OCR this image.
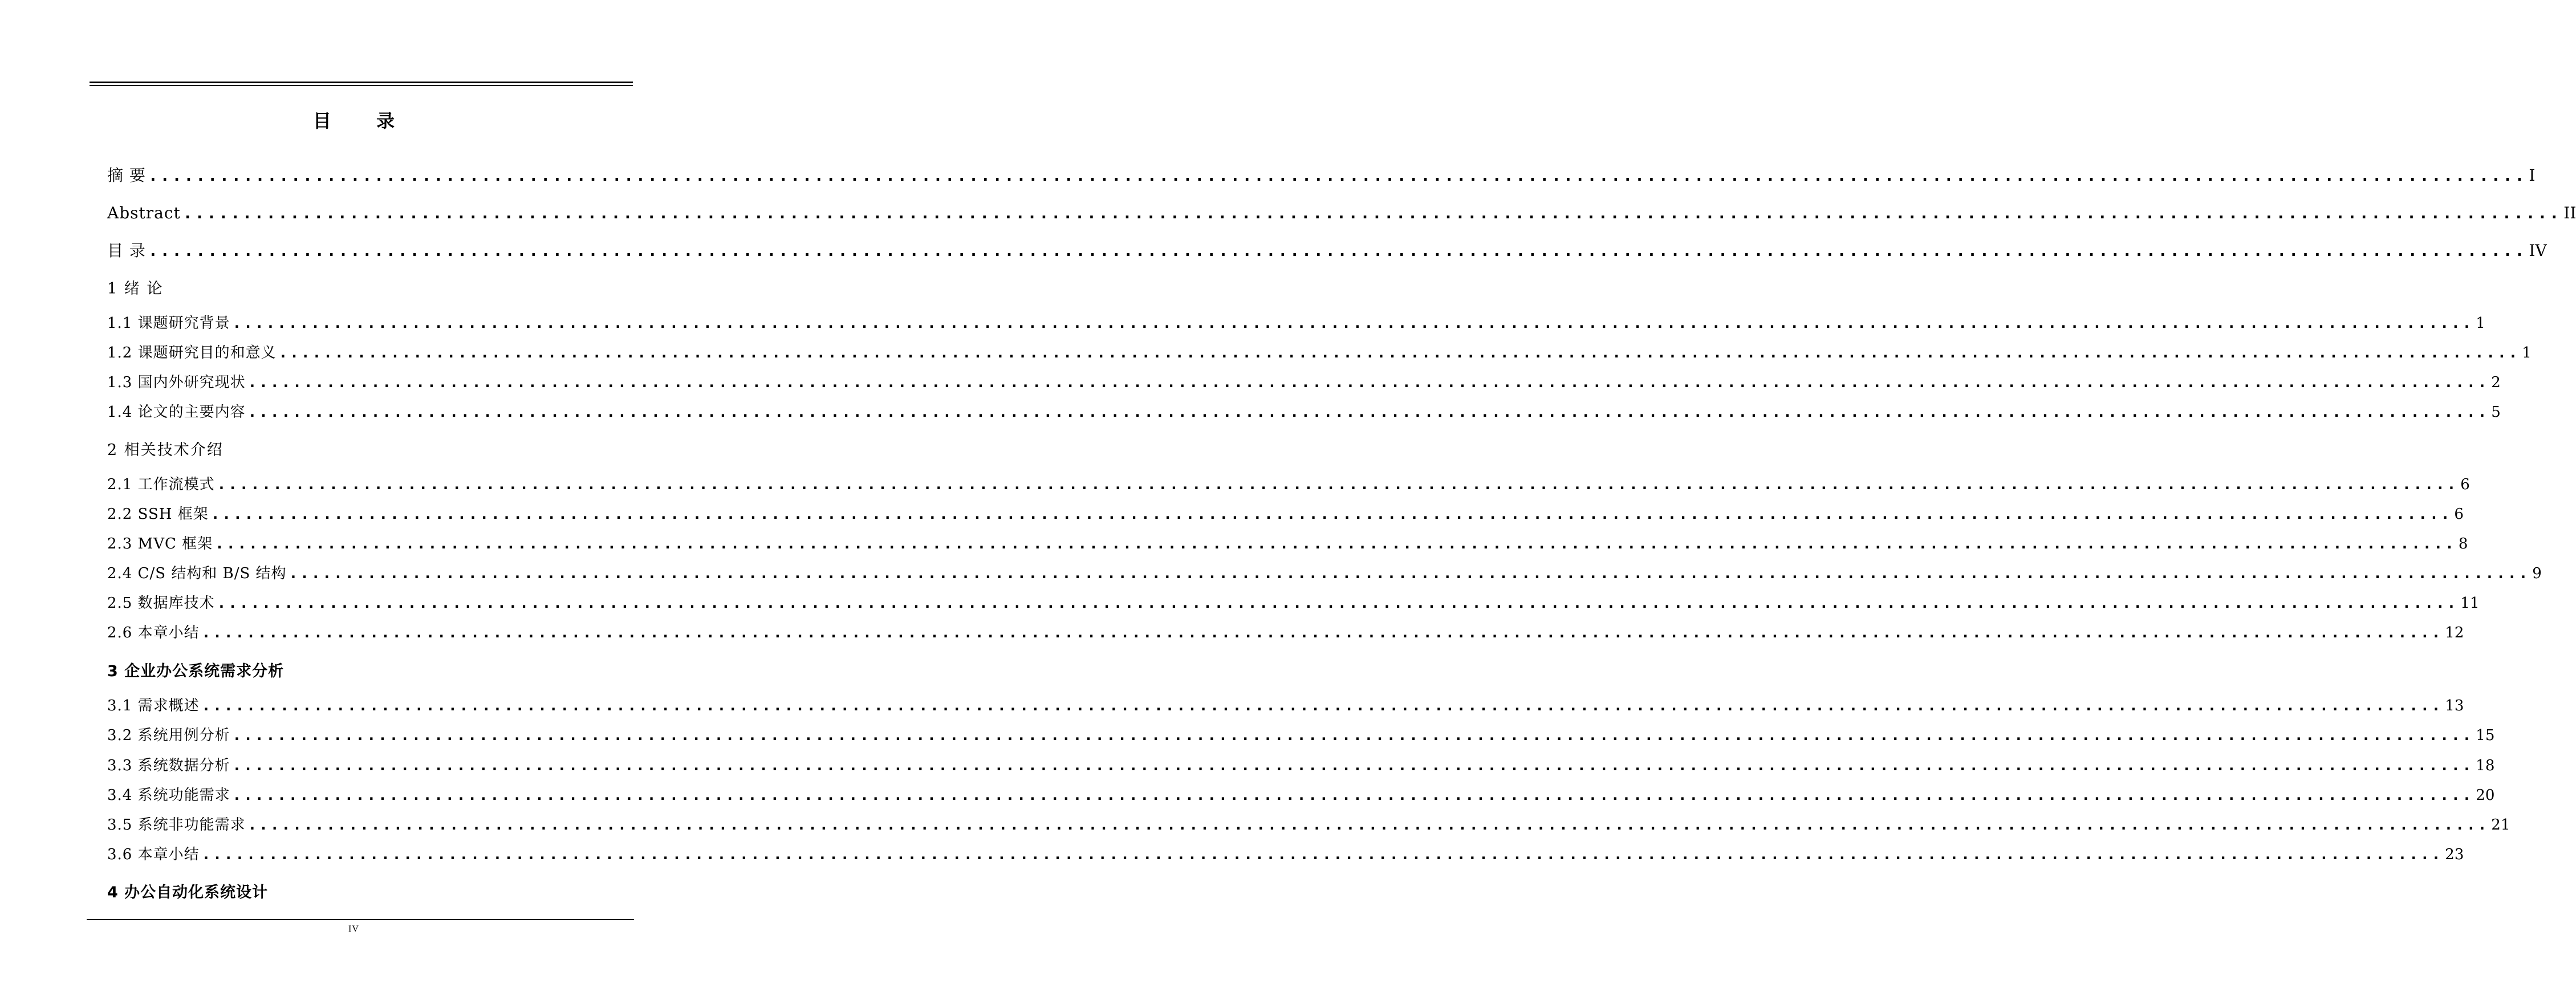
目 录
摘 要 ........................................................................................................................................................................................................ I
Abstract ........................................................................................................................................................................................................ II
目 录 ........................................................................................................................................................................................................ IV
1 绪 论
1.1 课题研究背景 ........................................................................................................................................................................................................ 1
1.2 课题研究目的和意义 ........................................................................................................................................................................................................ 1
1.3 国内外研究现状 ........................................................................................................................................................................................................ 2
1.4 论文的主要内容 ........................................................................................................................................................................................................ 5
2 相关技术介绍
2.1 工作流模式 ........................................................................................................................................................................................................ 6
2.2 SSH 框架 ........................................................................................................................................................................................................ 6
2.3 MVC 框架 ........................................................................................................................................................................................................ 8
2.4 C/S 结构和 B/S 结构 ........................................................................................................................................................................................................ 9
2.5 数据库技术 ........................................................................................................................................................................................................ 11
2.6 本章小结 ........................................................................................................................................................................................................ 12
3 企业办公系统需求分析
3.1 需求概述 ........................................................................................................................................................................................................ 13
3.2 系统用例分析 ........................................................................................................................................................................................................ 15
3.3 系统数据分析 ........................................................................................................................................................................................................ 18
3.4 系统功能需求 ........................................................................................................................................................................................................ 20
3.5 系统非功能需求 ........................................................................................................................................................................................................ 21
3.6 本章小结 ........................................................................................................................................................................................................ 23
4 办公自动化系统设计
IV
